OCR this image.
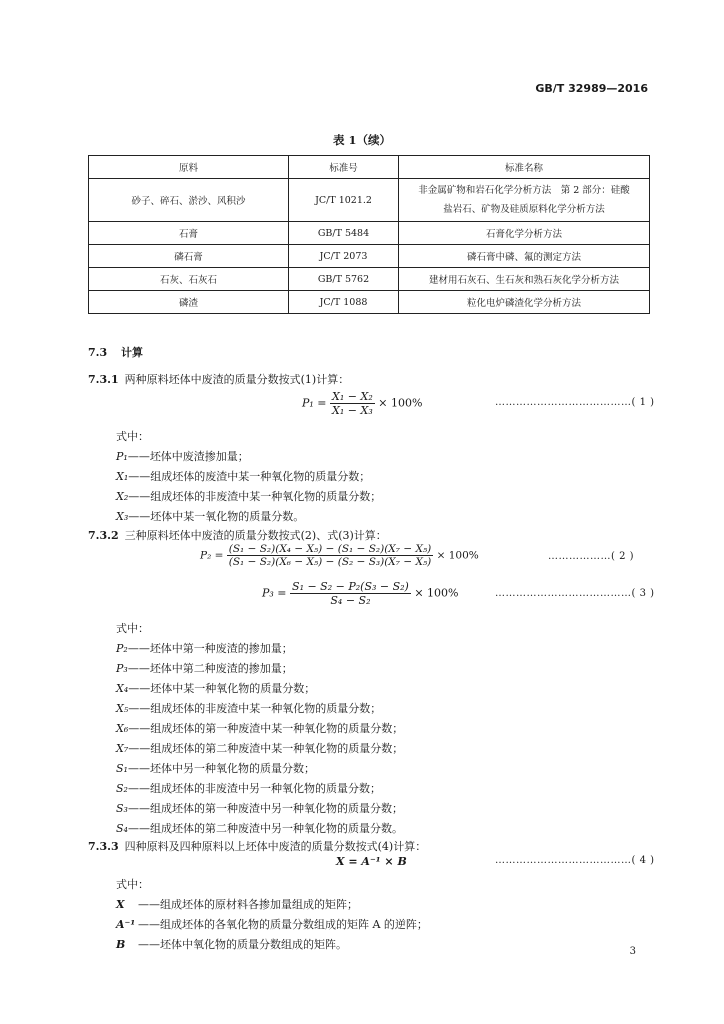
GB/T 32989—2016
表 1（续）
原料	标准号	标准名称
砂子、碎石、淤沙、风积沙	JC/T 1021.2	非金属矿物和岩石化学分析方法　第 2 部分：硅酸
盐岩石、矿物及硅质原料化学分析方法

石膏	GB/T 5484	石膏化学分析方法
磷石膏	JC/T 2073	磷石膏中磷、氟的测定方法
石灰、石灰石	GB/T 5762	建材用石灰石、生石灰和熟石灰化学分析方法
磷渣	JC/T 1088	粒化电炉磷渣化学分析方法
7.3 计算
7.3.1 两种原料坯体中废渣的质量分数按式(1)计算：
$P_1 = \frac{\text{X₁ − X₂}}{\text{X₁ − X₃}} \times 100\%$	…………………………………( 1 )
式中：
P₁——坯体中废渣掺加量；
X₁——组成坯体的废渣中某一种氧化物的质量分数；
X₂——组成坯体的非废渣中某一种氧化物的质量分数；
X₃——坯体中某一氧化物的质量分数。
7.3.2 三种原料坯体中废渣的质量分数按式(2)、式(3)计算：
$P_2 = \frac{\text{(S₁ − S₂)(X₄ − X₅) − (S₁ − S₂)(X₇ − X₅)}}{\text{(S₁ − S₂)(X₆ − X₅) − (S₂ − S₃)(X₇ − X₅)}} \times 100\%$	………………( 2 )
$P_3 = \frac{\text{S₁ − S₂ − P₂(S₃ − S₂)}}{\text{S₄ − S₂}} \times 100\%$	…………………………………( 3 )
式中：
P₂——坯体中第一种废渣的掺加量；
P₃——坯体中第二种废渣的掺加量；
X₄——坯体中某一种氧化物的质量分数；
X₅——组成坯体的非废渣中某一种氧化物的质量分数；
X₆——组成坯体的第一种废渣中某一种氧化物的质量分数；
X₇——组成坯体的第二种废渣中某一种氧化物的质量分数；
S₁——坯体中另一种氧化物的质量分数；
S₂——组成坯体的非废渣中另一种氧化物的质量分数；
S₃——组成坯体的第一种废渣中另一种氧化物的质量分数；
S₄——组成坯体的第二种废渣中另一种氧化物的质量分数。
7.3.3 四种原料及四种原料以上坯体中废渣的质量分数按式(4)计算：
X = A⁻¹ × B	…………………………………( 4 )
式中：
X ——组成坯体的原材料各掺加量组成的矩阵；
A⁻¹ ——组成坯体的各氧化物的质量分数组成的矩阵 A 的逆阵；
B ——坯体中氧化物的质量分数组成的矩阵。
3
